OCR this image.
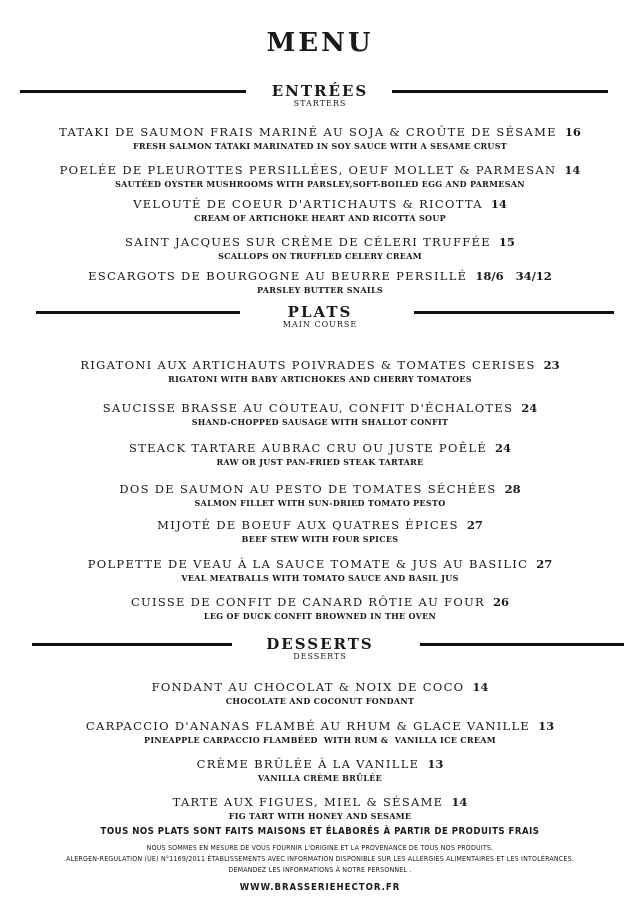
MENU
ENTRÉES
STARTERS
TATAKI DE SAUMON FRAIS MARINÉ AU SOJA & CROÛTE DE SÉSAME 16
FRESH SALMON TATAKI MARINATED IN SOY SAUCE WITH A SESAME CRUST
POELÉE DE PLEUROTTES PERSILLÉES, OEUF MOLLET & PARMESAN 14
SAUTÉED OYSTER MUSHROOMS WITH PARSLEY,SOFT-BOILED EGG AND PARMESAN
VELOUTÉ DE COEUR D'ARTICHAUTS & RICOTTA 14
CREAM OF ARTICHOKE HEART AND RICOTTA SOUP
SAINT JACQUES SUR CRÈME DE CÉLERI TRUFFÉE 15
SCALLOPS ON TRUFFLED CELERY CREAM
ESCARGOTS DE BOURGOGNE AU BEURRE PERSILLÉ 18/6   34/12
PARSLEY BUTTER SNAILS
PLATS
MAIN COURSE
RIGATONI AUX ARTICHAUTS POIVRADES & TOMATES CERISES 23
RIGATONI WITH BABY ARTICHOKES AND CHERRY TOMATOES
SAUCISSE BRASSE AU COUTEAU, CONFIT D'ÉCHALOTES 24
SHAND-CHOPPED SAUSAGE WITH SHALLOT CONFIT
STEACK TARTARE AUBRAC CRU OU JUSTE POÊLÉ 24
RAW OR JUST PAN-FRIED STEAK TARTARE
DOS DE SAUMON AU PESTO DE TOMATES SÉCHÉES 28
SALMON FILLET WITH SUN-DRIED TOMATO PESTO
MIJOTÉ DE BOEUF AUX QUATRES ÉPICES 27
BEEF STEW WITH FOUR SPICES
POLPETTE DE VEAU À LA SAUCE TOMATE & JUS AU BASILIC 27
VEAL MEATBALLS WITH TOMATO SAUCE AND BASIL JUS
CUISSE DE CONFIT DE CANARD RÔTIE AU FOUR 26
LEG OF DUCK CONFIT BROWNED IN THE OVEN
DESSERTS
DESSERTS
FONDANT AU CHOCOLAT & NOIX DE COCO 14
CHOCOLATE AND COCONUT FONDANT
CARPACCIO D'ANANAS FLAMBÉ AU RHUM & GLACE VANILLE 13
PINEAPPLE CARPACCIO FLAMBÉED  WITH RUM &  VANILLA ICE CREAM
CRÈME BRÛLÉE À LA VANILLE 13
VANILLA CRÈME BRÛLÉE
TARTE AUX FIGUES, MIEL & SÉSAME 14
FIG TART WITH HONEY AND SESAME
TOUS NOS PLATS SONT FAITS MAISONS ET ÉLABORÉS À PARTIR DE PRODUITS FRAIS
NOUS SOMMES EN MESURE DE VOUS FOURNIR L'ORIGINE ET LA PROVENANCE DE TOUS NOS PRODUITS.
ALERGEN-REGULATION (UE) N°1169/2011 ÉTABLISSEMENTS AVEC INFORMATION DISPONIBLE SUR LES ALLERGIES ALIMENTAIRES ET LES INTOLÉRANCES.
DEMANDEZ LES INFORMATIONS À NOTRE PERSONNEL .
WWW.BRASSERIEHECTOR.FR
